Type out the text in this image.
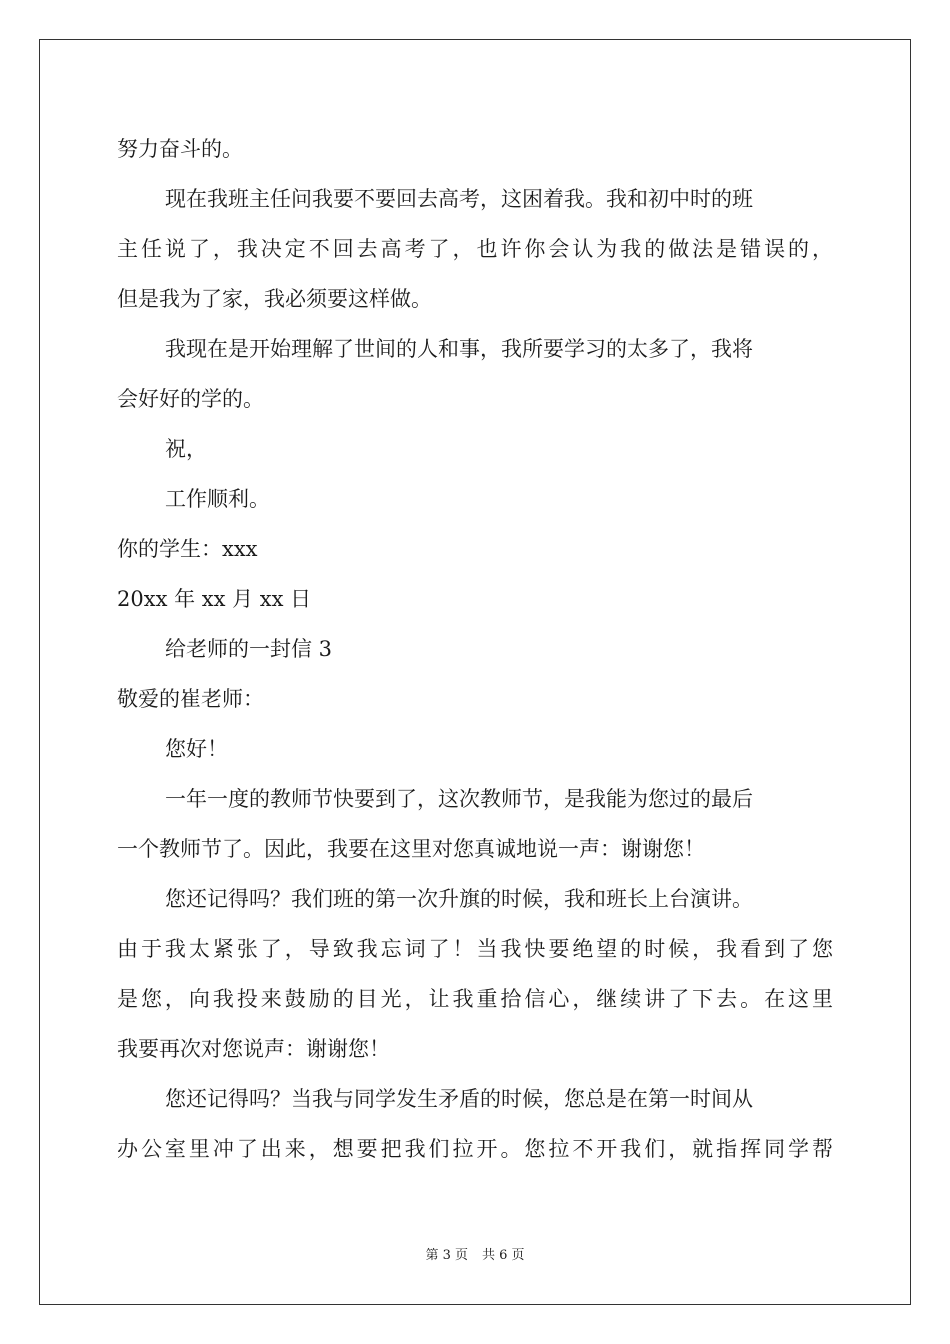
努力奋斗的。
现在我班主任问我要不要回去高考，这困着我。我和初中时的班
主任说了，我决定不回去高考了，也许你会认为我的做法是错误的，
但是我为了家，我必须要这样做。
我现在是开始理解了世间的人和事，我所要学习的太多了，我将
会好好的学的。
祝，
工作顺利。
你的学生：xxx
20xx 年 xx 月 xx 日
给老师的一封信 3
敬爱的崔老师：
您好！
一年一度的教师节快要到了，这次教师节，是我能为您过的最后
一个教师节了。因此，我要在这里对您真诚地说一声：谢谢您！
您还记得吗？我们班的第一次升旗的时候，我和班长上台演讲。
由于我太紧张了，导致我忘词了！当我快要绝望的时候，我看到了您
是您，向我投来鼓励的目光，让我重拾信心，继续讲了下去。在这里
我要再次对您说声：谢谢您！
您还记得吗？当我与同学发生矛盾的时候，您总是在第一时间从
办公室里冲了出来，想要把我们拉开。您拉不开我们，就指挥同学帮
第 3 页 共 6 页
